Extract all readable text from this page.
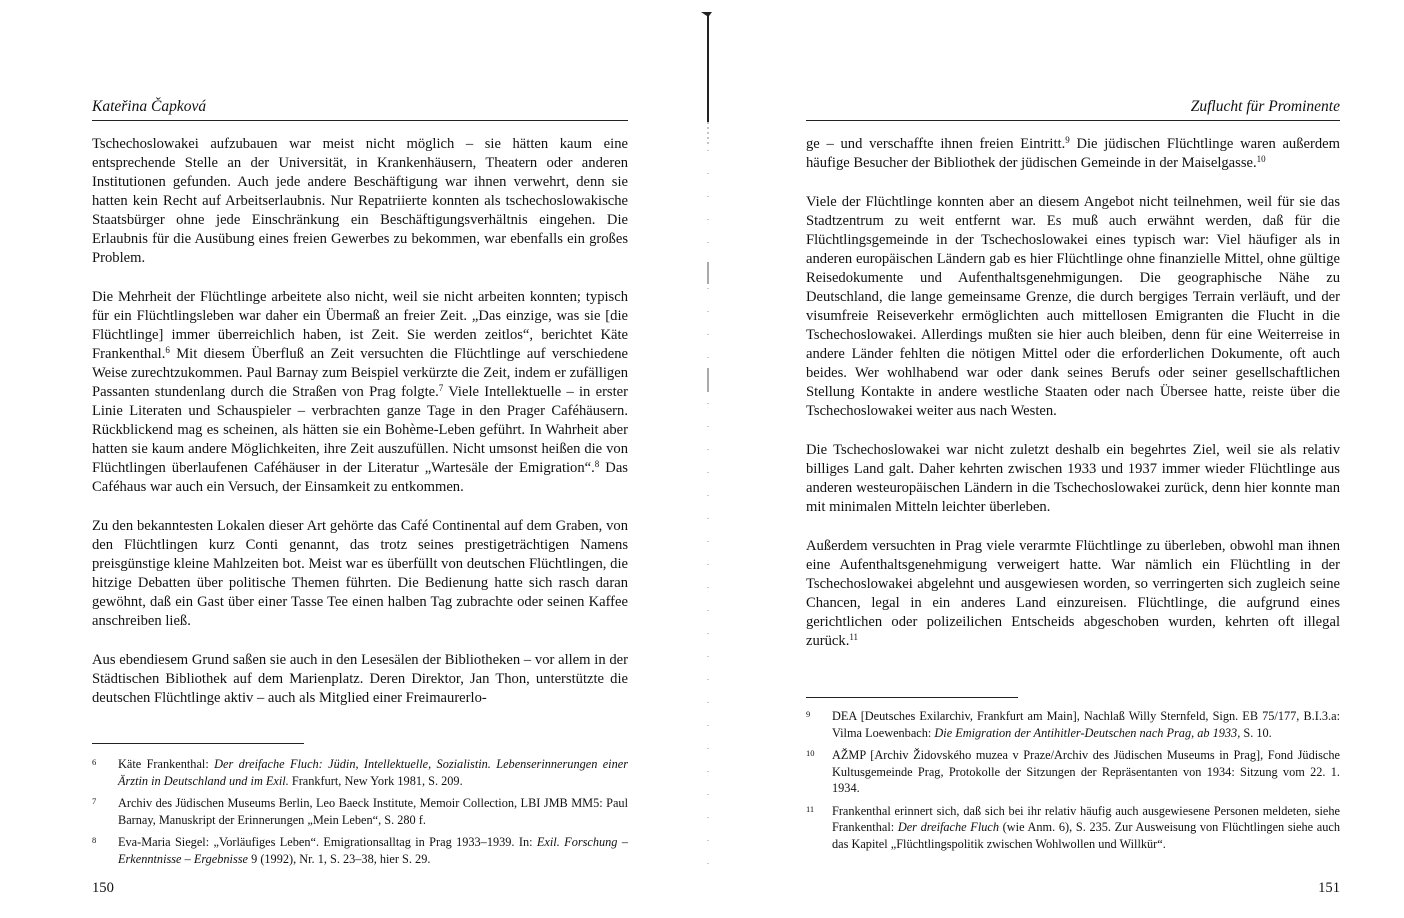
Kateřina Čapková

Tschechoslowakei aufzubauen war meist nicht möglich – sie hätten kaum eine entsprechende Stelle an der Universität, in Krankenhäusern, Theatern oder anderen Institutionen gefunden. Auch jede andere Beschäftigung war ihnen verwehrt, denn sie hatten kein Recht auf Arbeitserlaubnis. Nur Repatriierte konnten als tschechoslowakische Staatsbürger ohne jede Einschränkung ein Beschäftigungsverhältnis eingehen. Die Erlaubnis für die Ausübung eines freien Gewerbes zu bekommen, war ebenfalls ein großes Problem.

Die Mehrheit der Flüchtlinge arbeitete also nicht, weil sie nicht arbeiten konnten; typisch für ein Flüchtlingsleben war daher ein Übermaß an freier Zeit. „Das einzige, was sie [die Flüchtlinge] immer überreichlich haben, ist Zeit. Sie werden zeitlos“, berichtet Käte Frankenthal.$^6$ Mit diesem Überfluß an Zeit versuchten die Flüchtlinge auf verschiedene Weise zurechtzukommen. Paul Barnay zum Beispiel verkürzte die Zeit, indem er zufälligen Passanten stundenlang durch die Straßen von Prag folgte.$^7$ Viele Intellektuelle – in erster Linie Literaten und Schauspieler – verbrachten ganze Tage in den Prager Caféhäusern. Rückblickend mag es scheinen, als hätten sie ein Bohème-Leben geführt. In Wahrheit aber hatten sie kaum andere Möglichkeiten, ihre Zeit auszufüllen. Nicht umsonst heißen die von Flüchtlingen überlaufenen Caféhäuser in der Literatur „Wartesäle der Emigration“.$^8$ Das Caféhaus war auch ein Versuch, der Einsamkeit zu entkommen.

Zu den bekanntesten Lokalen dieser Art gehörte das Café Continental auf dem Graben, von den Flüchtlingen kurz Conti genannt, das trotz seines prestigeträchtigen Namens preisgünstige kleine Mahlzeiten bot. Meist war es überfüllt von deutschen Flüchtlingen, die hitzige Debatten über politische Themen führten. Die Bedienung hatte sich rasch daran gewöhnt, daß ein Gast über einer Tasse Tee einen halben Tag zubrachte oder seinen Kaffee anschreiben ließ.

Aus ebendiesem Grund saßen sie auch in den Lesesälen der Bibliotheken – vor allem in der Städtischen Bibliothek auf dem Marienplatz. Deren Direktor, Jan Thon, unterstützte die deutschen Flüchtlinge aktiv – auch als Mitglied einer Freimaurerlo-

6 Käte Frankenthal: Der dreifache Fluch: Jüdin, Intellektuelle, Sozialistin. Lebenserinnerungen einer Ärztin in Deutschland und im Exil. Frankfurt, New York 1981, S. 209.
7 Archiv des Jüdischen Museums Berlin, Leo Baeck Institute, Memoir Collection, LBI JMB MM5: Paul Barnay, Manuskript der Erinnerungen „Mein Leben“, S. 280 f.
8 Eva-Maria Siegel: „Vorläufiges Leben“. Emigrationsalltag in Prag 1933–1939. In: Exil. Forschung – Erkenntnisse – Ergebnisse 9 (1992), Nr. 1, S. 23–38, hier S. 29.
150
Zuflucht für Prominente

ge – und verschaffte ihnen freien Eintritt.$^9$ Die jüdischen Flüchtlinge waren außerdem häufige Besucher der Bibliothek der jüdischen Gemeinde in der Maiselgasse.$^{10}$

Viele der Flüchtlinge konnten aber an diesem Angebot nicht teilnehmen, weil für sie das Stadtzentrum zu weit entfernt war. Es muß auch erwähnt werden, daß für die Flüchtlingsgemeinde in der Tschechoslowakei eines typisch war: Viel häufiger als in anderen europäischen Ländern gab es hier Flüchtlinge ohne finanzielle Mittel, ohne gültige Reisedokumente und Aufenthaltsgenehmigungen. Die geographische Nähe zu Deutschland, die lange gemeinsame Grenze, die durch bergiges Terrain verläuft, und der visumfreie Reiseverkehr ermöglichten auch mittellosen Emigranten die Flucht in die Tschechoslowakei. Allerdings mußten sie hier auch bleiben, denn für eine Weiterreise in andere Länder fehlten die nötigen Mittel oder die erforderlichen Dokumente, oft auch beides. Wer wohlhabend war oder dank seines Berufs oder seiner gesellschaftlichen Stellung Kontakte in andere westliche Staaten oder nach Übersee hatte, reiste über die Tschechoslowakei weiter aus nach Westen.

Die Tschechoslowakei war nicht zuletzt deshalb ein begehrtes Ziel, weil sie als relativ billiges Land galt. Daher kehrten zwischen 1933 und 1937 immer wieder Flüchtlinge aus anderen westeuropäischen Ländern in die Tschechoslowakei zurück, denn hier konnte man mit minimalen Mitteln leichter überleben.

Außerdem versuchten in Prag viele verarmte Flüchtlinge zu überleben, obwohl man ihnen eine Aufenthaltsgenehmigung verweigert hatte. War nämlich ein Flüchtling in der Tschechoslowakei abgelehnt und ausgewiesen worden, so verringerten sich zugleich seine Chancen, legal in ein anderes Land einzureisen. Flüchtlinge, die aufgrund eines gerichtlichen oder polizeilichen Entscheids abgeschoben wurden, kehrten oft illegal zurück.$^{11}$

9 DEA [Deutsches Exilarchiv, Frankfurt am Main], Nachlaß Willy Sternfeld, Sign. EB 75/177, B.I.3.a: Vilma Loewenbach: Die Emigration der Antihitler-Deutschen nach Prag, ab 1933, S. 10.
10 AŽMP [Archiv Židovského muzea v Praze/Archiv des Jüdischen Museums in Prag], Fond Jüdische Kultusgemeinde Prag, Protokolle der Sitzungen der Repräsentanten von 1934: Sitzung vom 22. 1. 1934.
11 Frankenthal erinnert sich, daß sich bei ihr relativ häufig auch ausgewiesene Personen meldeten, siehe Frankenthal: Der dreifache Fluch (wie Anm. 6), S. 235. Zur Ausweisung von Flüchtlingen siehe auch das Kapitel „Flüchtlingspolitik zwischen Wohlwollen und Willkür“.
151
